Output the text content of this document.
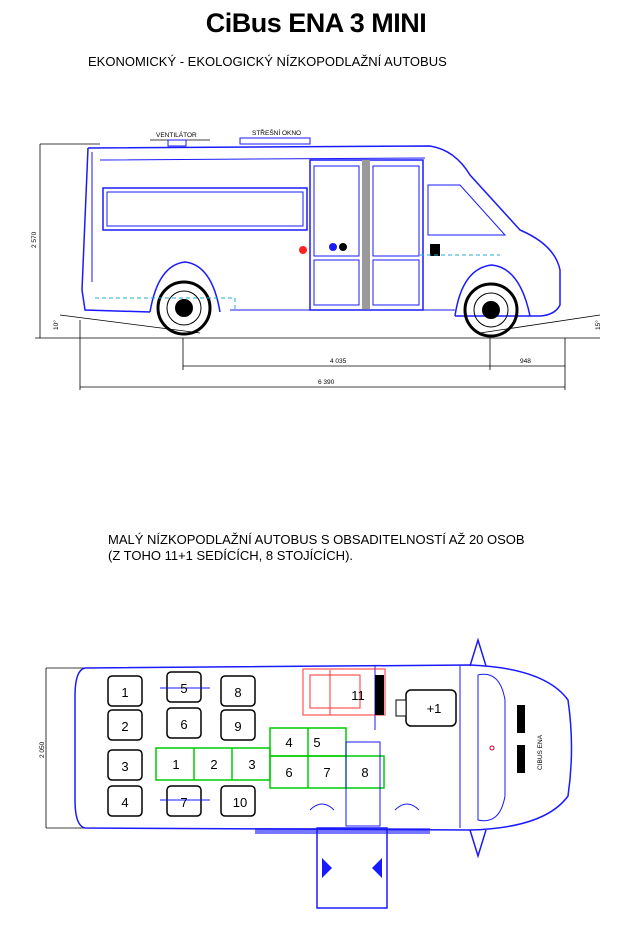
CiBus ENA 3 MINI
EKONOMICKÝ - EKOLOGICKÝ NÍZKOPODLAŽNÍ AUTOBUS
2 570
10°	15°
4 035	948
6 390
VENTILÁTOR	STŘEŠNÍ OKNO
MALÝ NÍZKOPODLAŽNÍ AUTOBUS S OBSADITELNOSTÍ AŽ 20 OSOB
(Z TOHO 11+1 SEDÍCÍCH, 8 STOJÍCÍCH).
2 050	CIBUS ENA
1
2
3
4
5
6
7
8
9
10
11
+1
1 2 3
4 5
6 7 8
